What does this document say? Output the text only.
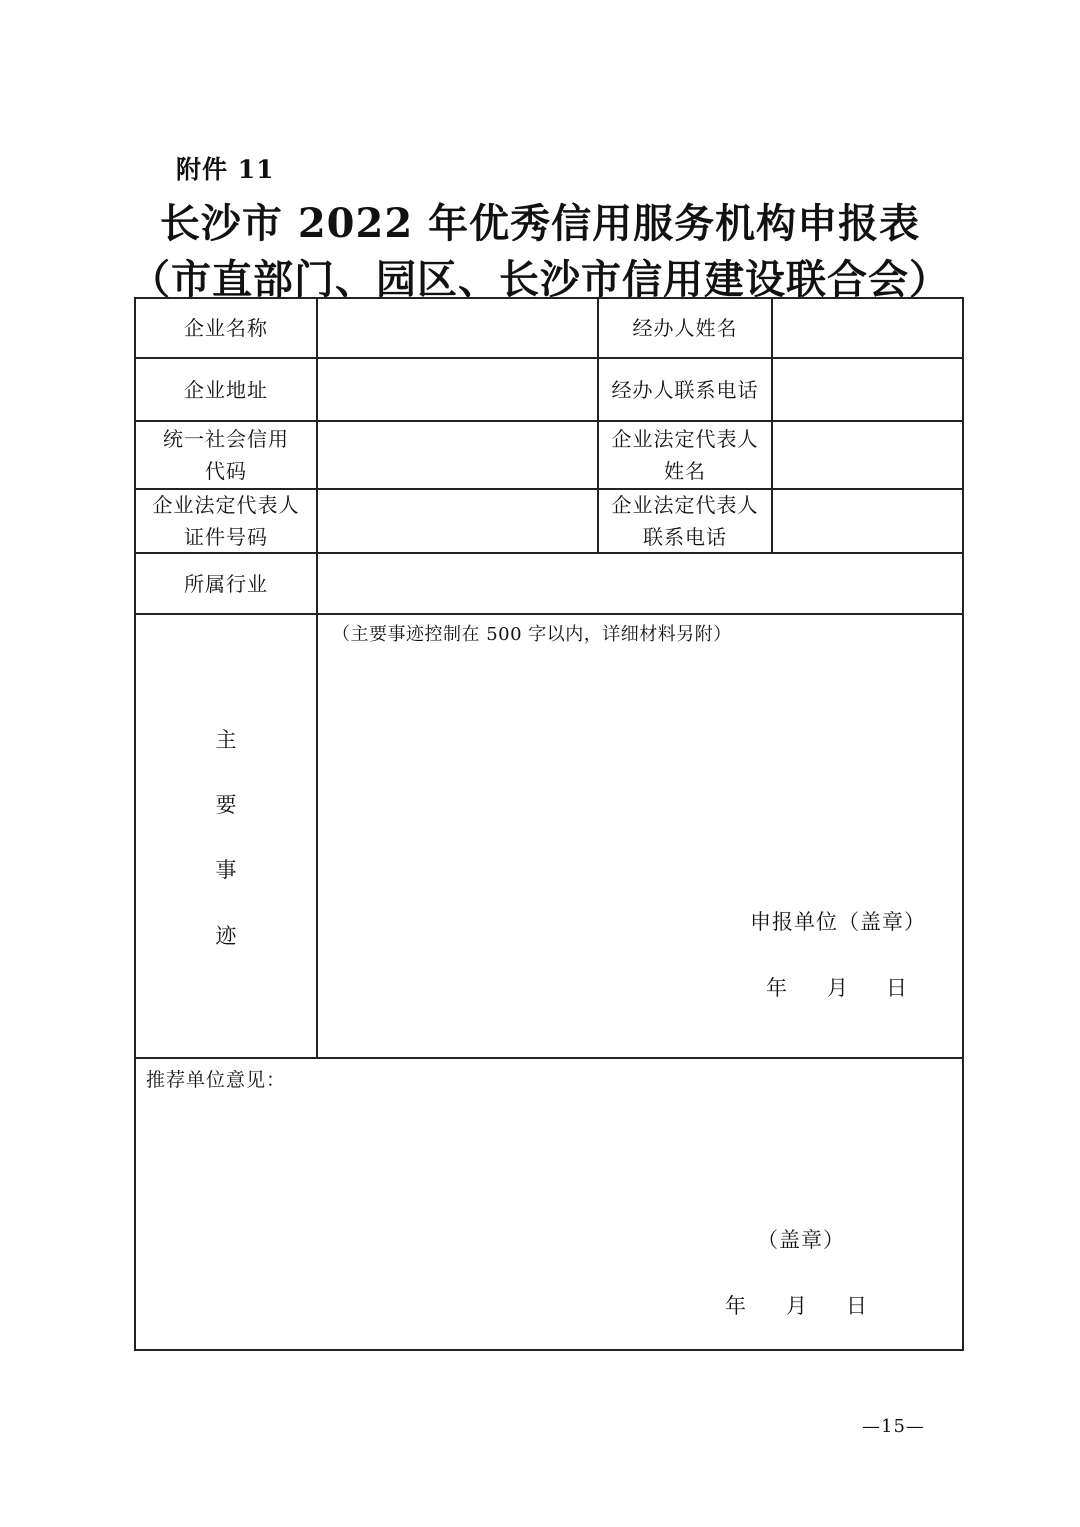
附件 11
长沙市 2022 年优秀信用服务机构申报表
（市直部门、园区、长沙市信用建设联合会）
企业名称	经办人姓名
企业地址	经办人联系电话
统一社会信用
代码
企业法定代表人
姓名
企业法定代表人
证件号码
企业法定代表人
联系电话
所属行业
主
要
事
迹
（主要事迹控制在 500 字以内，详细材料另附）
申报单位（盖章）
年 月 日
推荐单位意见：
（盖章）
年 月 日
—15—
